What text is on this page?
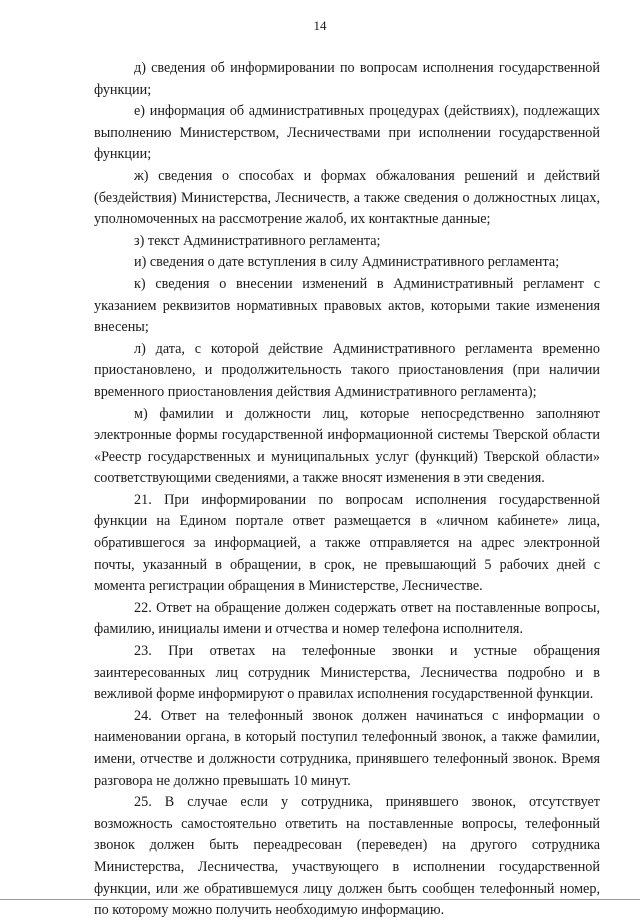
14

д) сведения об информировании по вопросам исполнения государственной функции;

е) информация об административных процедурах (действиях), подлежащих выполнению Министерством, Лесничествами при исполнении государственной функции;

ж) сведения о способах и формах обжалования решений и действий (бездействия) Министерства, Лесничеств, а также сведения о должностных лицах, уполномоченных на рассмотрение жалоб, их контактные данные;

з) текст Административного регламента;

и) сведения о дате вступления в силу Административного регламента;

к) сведения о внесении изменений в Административный регламент с указанием реквизитов нормативных правовых актов, которыми такие изменения внесены;

л) дата, с которой действие Административного регламента временно приостановлено, и продолжительность такого приостановления (при наличии временного приостановления действия Административного регламента);

м) фамилии и должности лиц, которые непосредственно заполняют электронные формы государственной информационной системы Тверской области «Реестр государственных и муниципальных услуг (функций) Тверской области» соответствующими сведениями, а также вносят изменения в эти сведения.

21. При информировании по вопросам исполнения государственной функции на Едином портале ответ размещается в «личном кабинете» лица, обратившегося за информацией, а также отправляется на адрес электронной почты, указанный в обращении, в срок, не превышающий 5 рабочих дней с момента регистрации обращения в Министерстве, Лесничестве.

22. Ответ на обращение должен содержать ответ на поставленные вопросы, фамилию, инициалы имени и отчества и номер телефона исполнителя.

23. При ответах на телефонные звонки и устные обращения заинтересованных лиц сотрудник Министерства, Лесничества подробно и в вежливой форме информируют о правилах исполнения государственной функции.

24. Ответ на телефонный звонок должен начинаться с информации о наименовании органа, в который поступил телефонный звонок, а также фамилии, имени, отчестве и должности сотрудника, принявшего телефонный звонок. Время разговора не должно превышать 10 минут.

25. В случае если у сотрудника, принявшего звонок, отсутствует возможность самостоятельно ответить на поставленные вопросы, телефонный звонок должен быть переадресован (переведен) на другого сотрудника Министерства, Лесничества, участвующего в исполнении государственной функции, или же обратившемуся лицу должен быть сообщен телефонный номер, по которому можно получить необходимую информацию.
